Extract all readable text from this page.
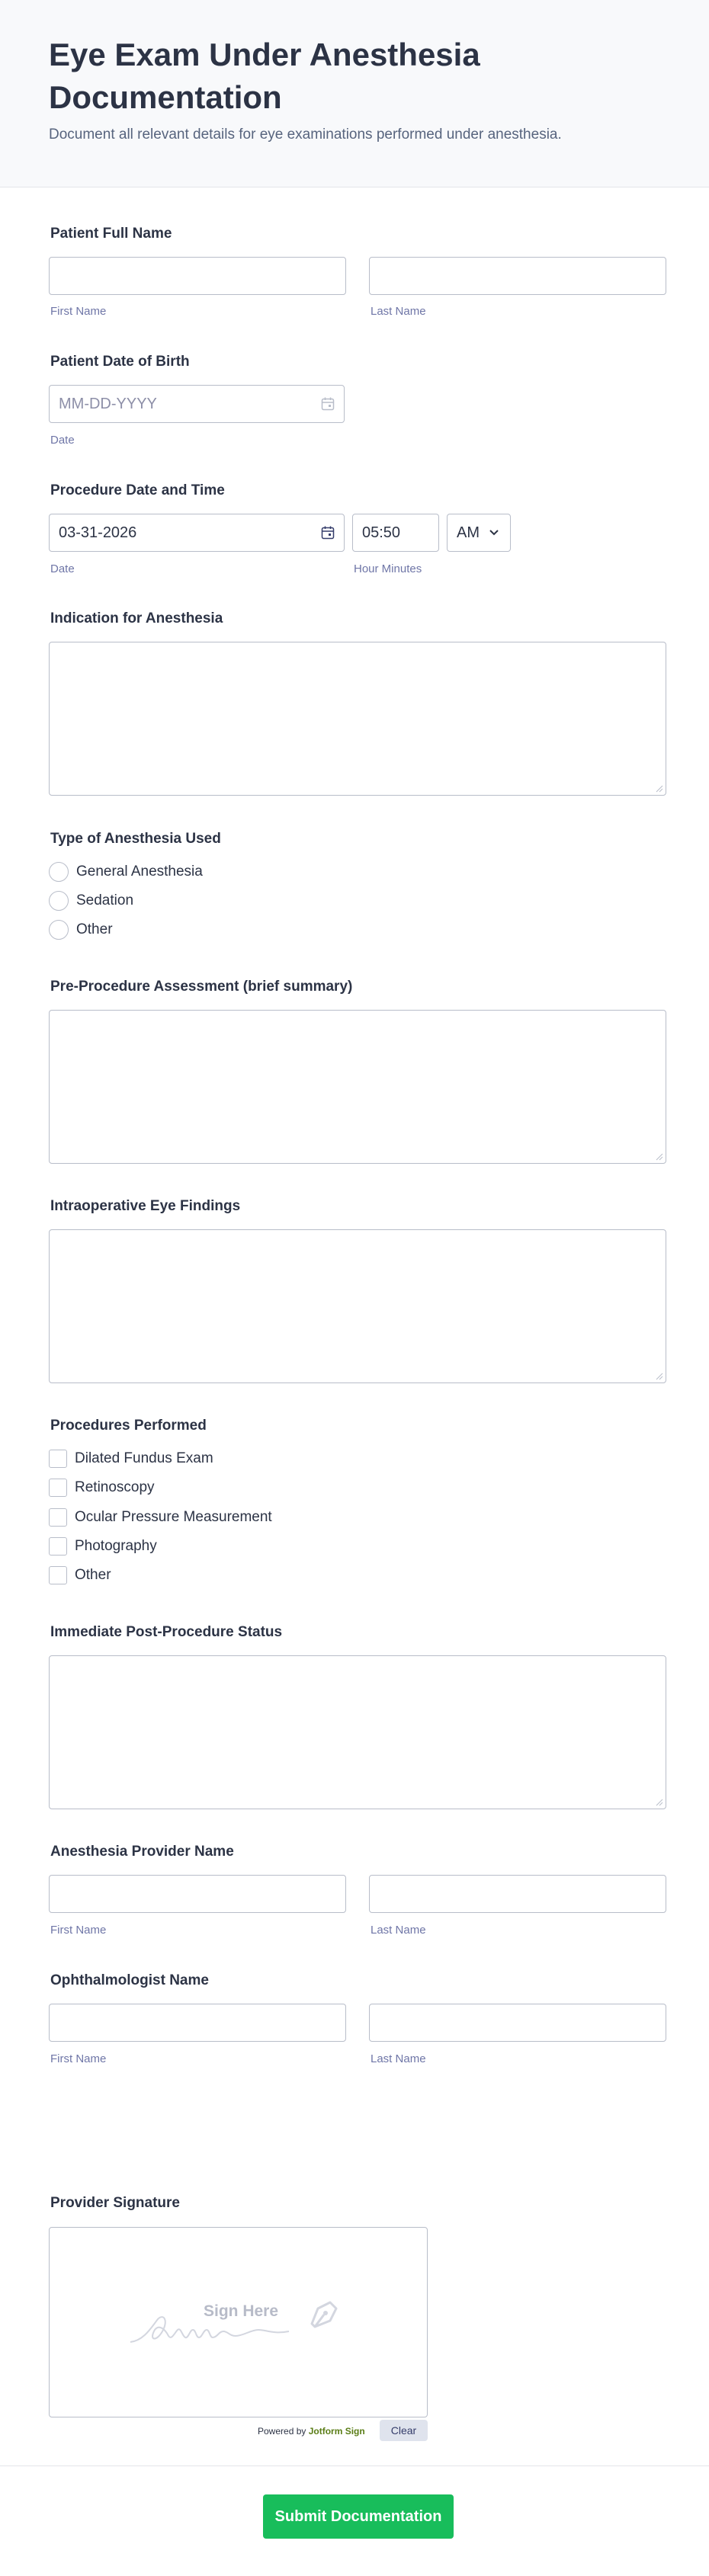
Eye Exam Under Anesthesia Documentation
Document all relevant details for eye examinations performed under anesthesia.
Patient Full Name
First Name	Last Name
Patient Date of Birth
MM-DD-YYYY
Date
Procedure Date and Time
03-31-2026	05:50	AM
Date	Hour Minutes
Indication for Anesthesia
Type of Anesthesia Used
General Anesthesia
Sedation
Other
Pre-Procedure Assessment (brief summary)
Intraoperative Eye Findings
Procedures Performed
Dilated Fundus Exam
Retinoscopy
Ocular Pressure Measurement
Photography
Other
Immediate Post-Procedure Status
Anesthesia Provider Name
First Name	Last Name
Ophthalmologist Name
First Name	Last Name
Provider Signature
Sign Here
Powered by Jotform Sign	Clear
Submit Documentation
